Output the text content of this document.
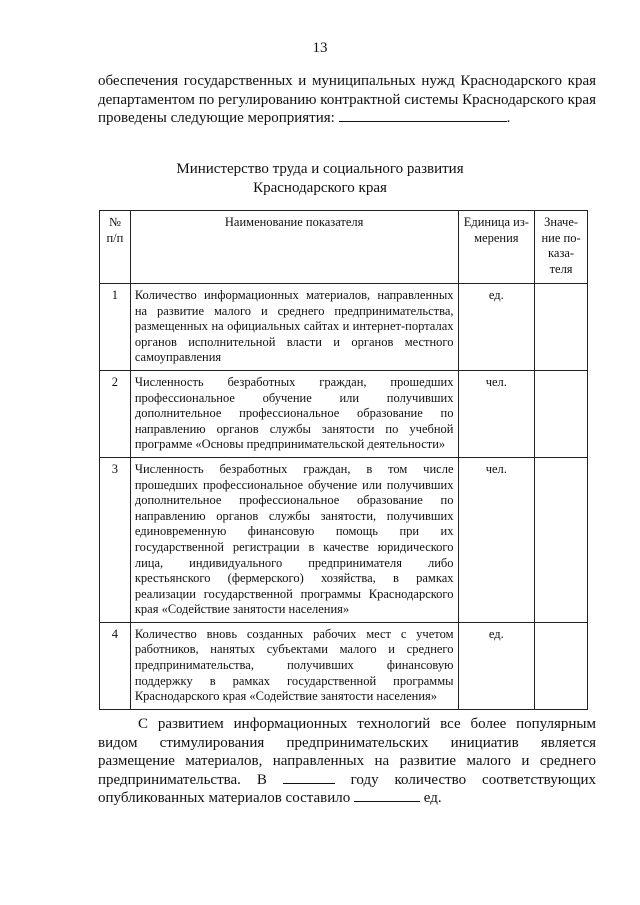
13
обеспечения государственных и муниципальных нужд Краснодарского края
департаментом по регулированию контрактной системы Краснодарского края
проведены следующие мероприятия:	.
Министерство труда и социального развития
Краснодарского края
№ п/п	Наименование показателя	Единица из-мерения	Значе-ние по-каза-теля
1	Количество информационных материалов, направленных на развитие малого и среднего предпринимательства, размещенных на официальных сайтах и интернет-порталах органов исполнительной власти и органов местного самоуправления	ед.	
2	Численность безработных граждан, прошедших профессиональное обучение или получивших дополнительное профессиональное образование по направлению органов службы занятости по учебной программе «Основы предпринимательской деятельности»	чел.	
3	Численность безработных граждан, в том числе прошедших профессиональное обучение или получивших дополнительное профессиональное образование по направлению органов службы занятости, получивших единовременную финансовую помощь при их государственной регистрации в качестве юридического лица, индивидуального предпринимателя либо крестьянского (фермерского) хозяйства, в рамках реализации государственной программы Краснодарского края «Содействие занятости населения»	чел.	
4	Количество вновь созданных рабочих мест с учетом работников, нанятых субъектами малого и среднего предпринимательства, получивших финансовую поддержку в рамках государственной программы Краснодарского края «Содействие занятости населения»	ед.	
С развитием информационных технологий все более популярным видом стимулирования предпринимательских инициатив является размещение материалов, направленных на развитие малого и среднего предпринимательства. В	году количество соответствующих опубликованных материалов составило	ед.
